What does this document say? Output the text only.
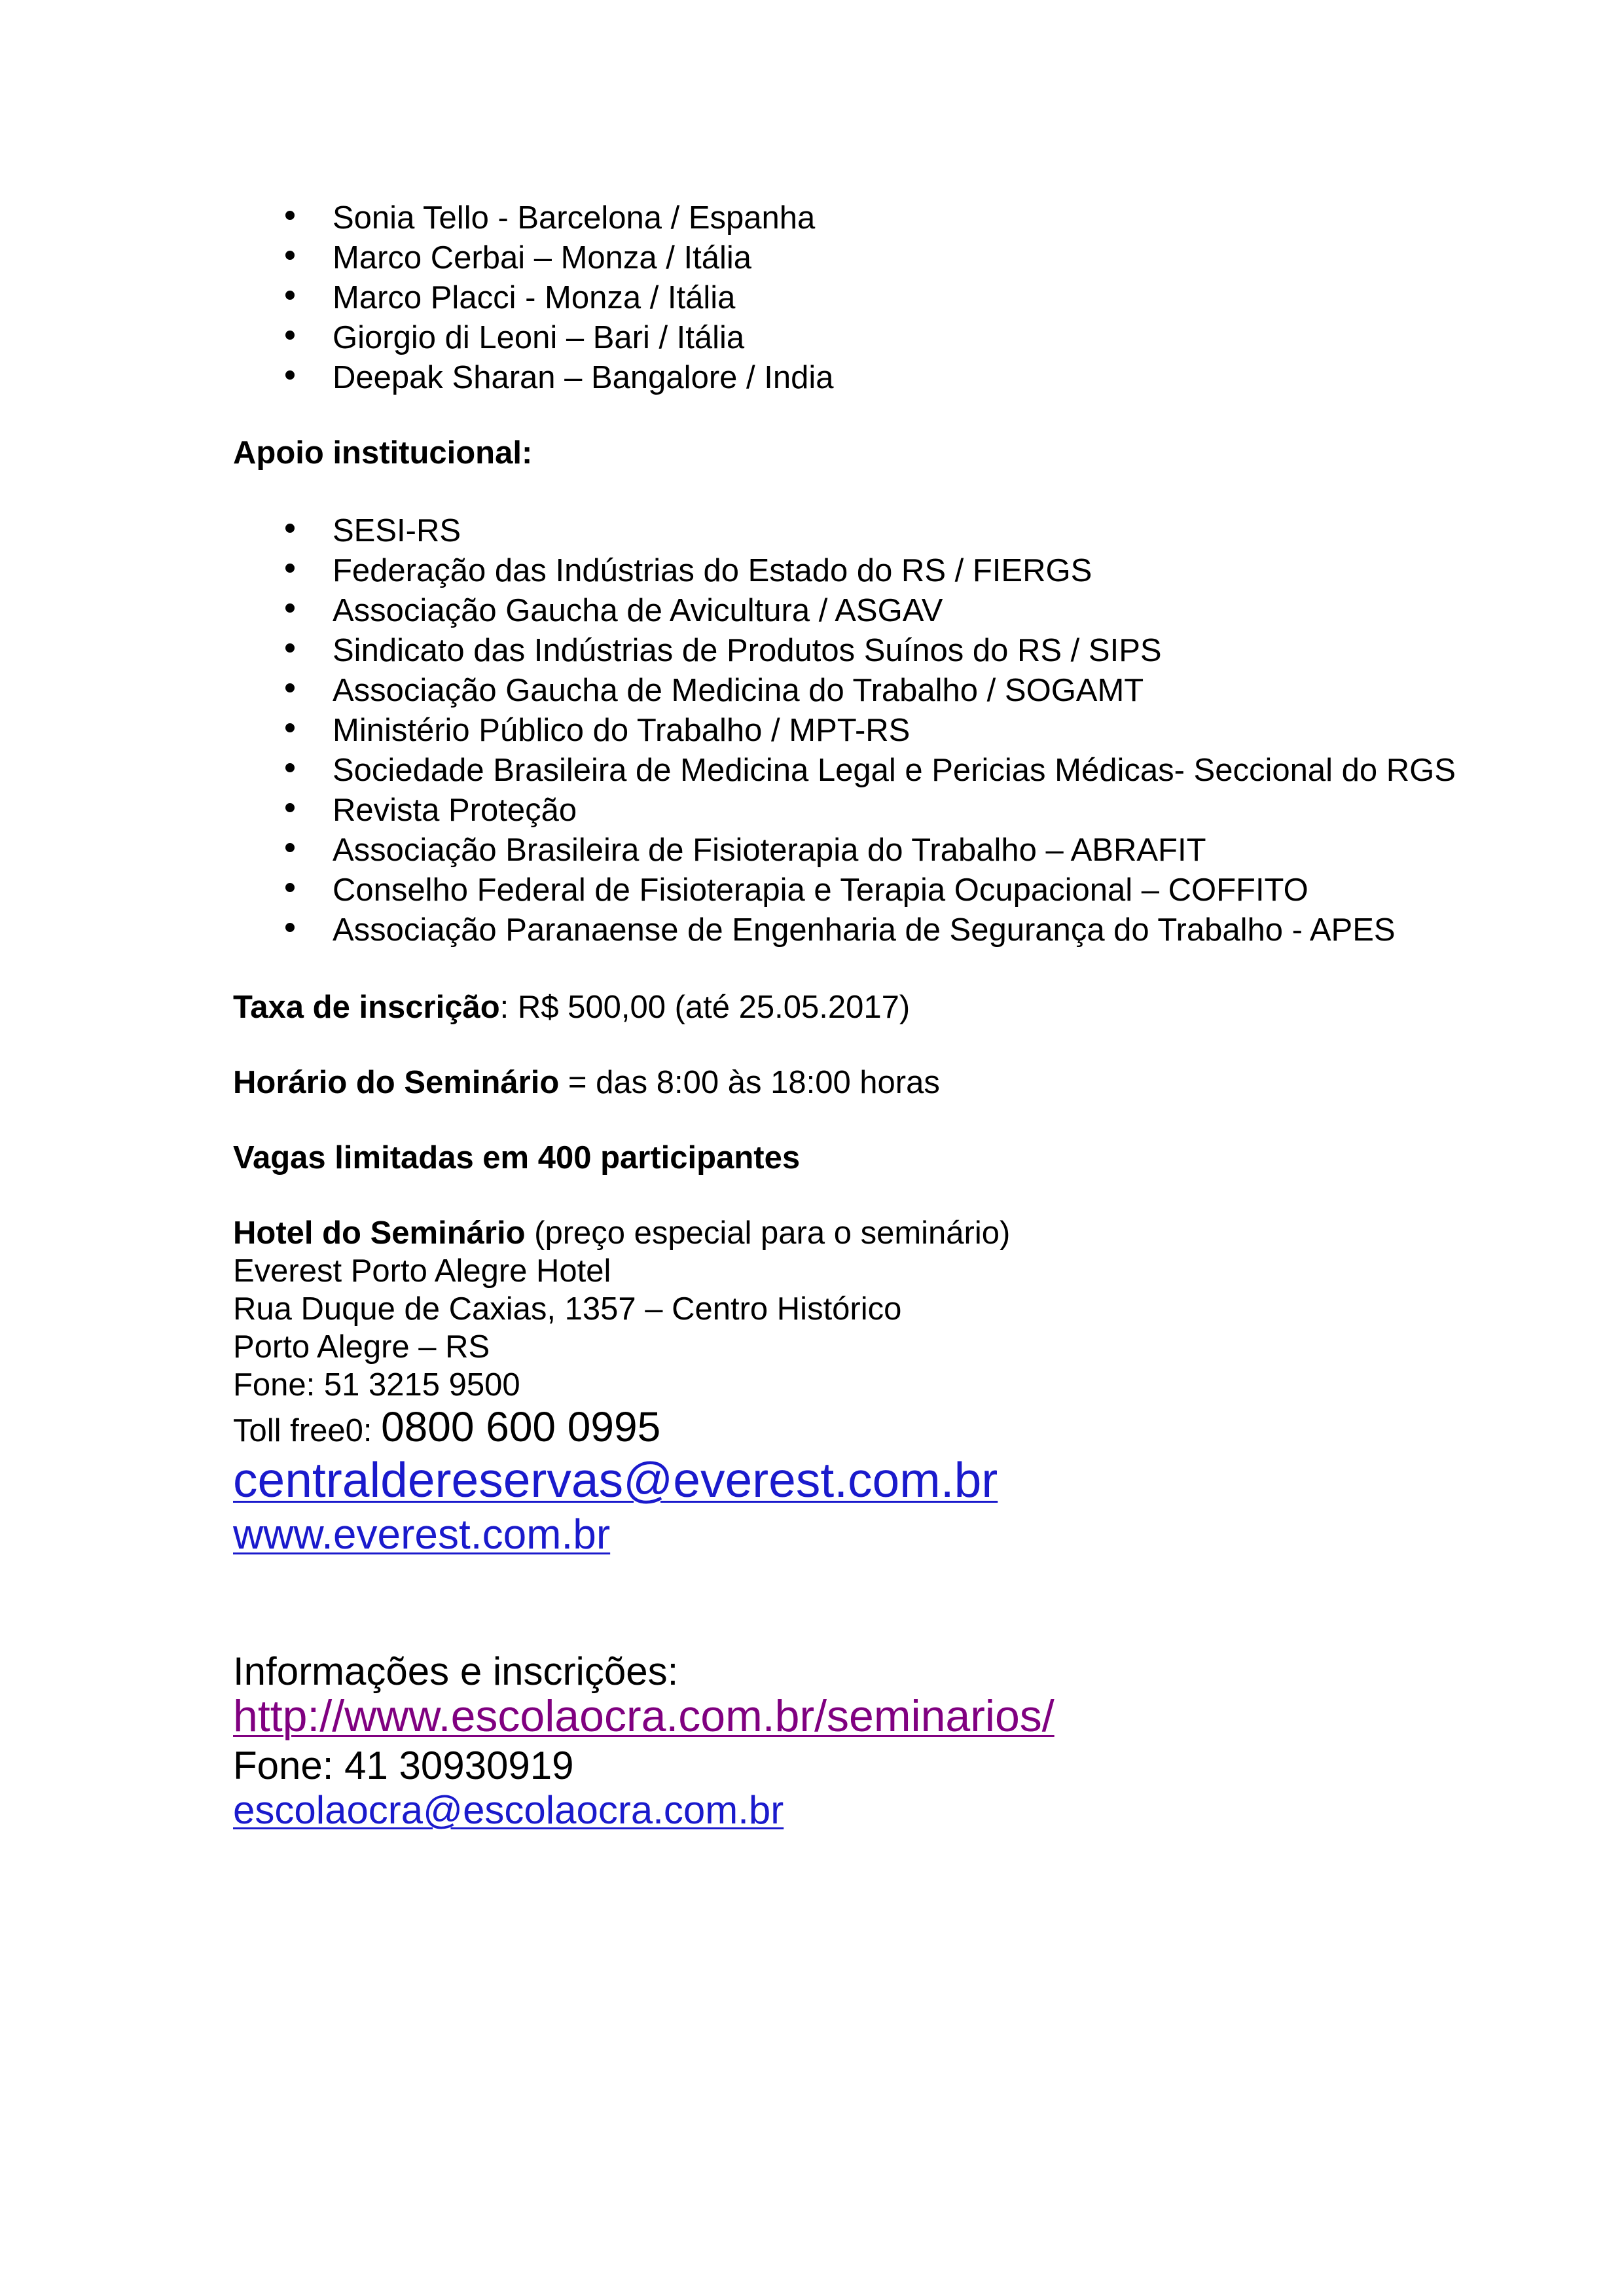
Sonia Tello - Barcelona / Espanha
Marco Cerbai – Monza / Itália
Marco Placci - Monza / Itália
Giorgio di Leoni – Bari / Itália
Deepak Sharan – Bangalore / India
Apoio institucional:
SESI-RS
Federação das Indústrias do Estado do RS / FIERGS
Associação Gaucha de Avicultura / ASGAV
Sindicato das Indústrias de Produtos Suínos do RS / SIPS
Associação Gaucha de Medicina do Trabalho / SOGAMT
Ministério Público do Trabalho / MPT-RS
Sociedade Brasileira de Medicina Legal e Pericias Médicas- Seccional do RGS
Revista Proteção
Associação Brasileira de Fisioterapia do Trabalho – ABRAFIT
Conselho Federal de Fisioterapia e Terapia Ocupacional – COFFITO
Associação Paranaense de Engenharia de Segurança do Trabalho - APES
Taxa de inscrição: R$ 500,00 (até 25.05.2017)
Horário do Seminário = das 8:00 às 18:00 horas
Vagas limitadas em 400 participantes
Hotel do Seminário (preço especial para o seminário)
Everest Porto Alegre Hotel
Rua Duque de Caxias, 1357 – Centro Histórico
Porto Alegre – RS
Fone: 51 3215 9500
Toll free0: 0800 600 0995
centraldereservas@everest.com.br
www.everest.com.br
Informações e inscrições:
http://www.escolaocra.com.br/seminarios/
Fone: 41 30930919
escolaocra@escolaocra.com.br
